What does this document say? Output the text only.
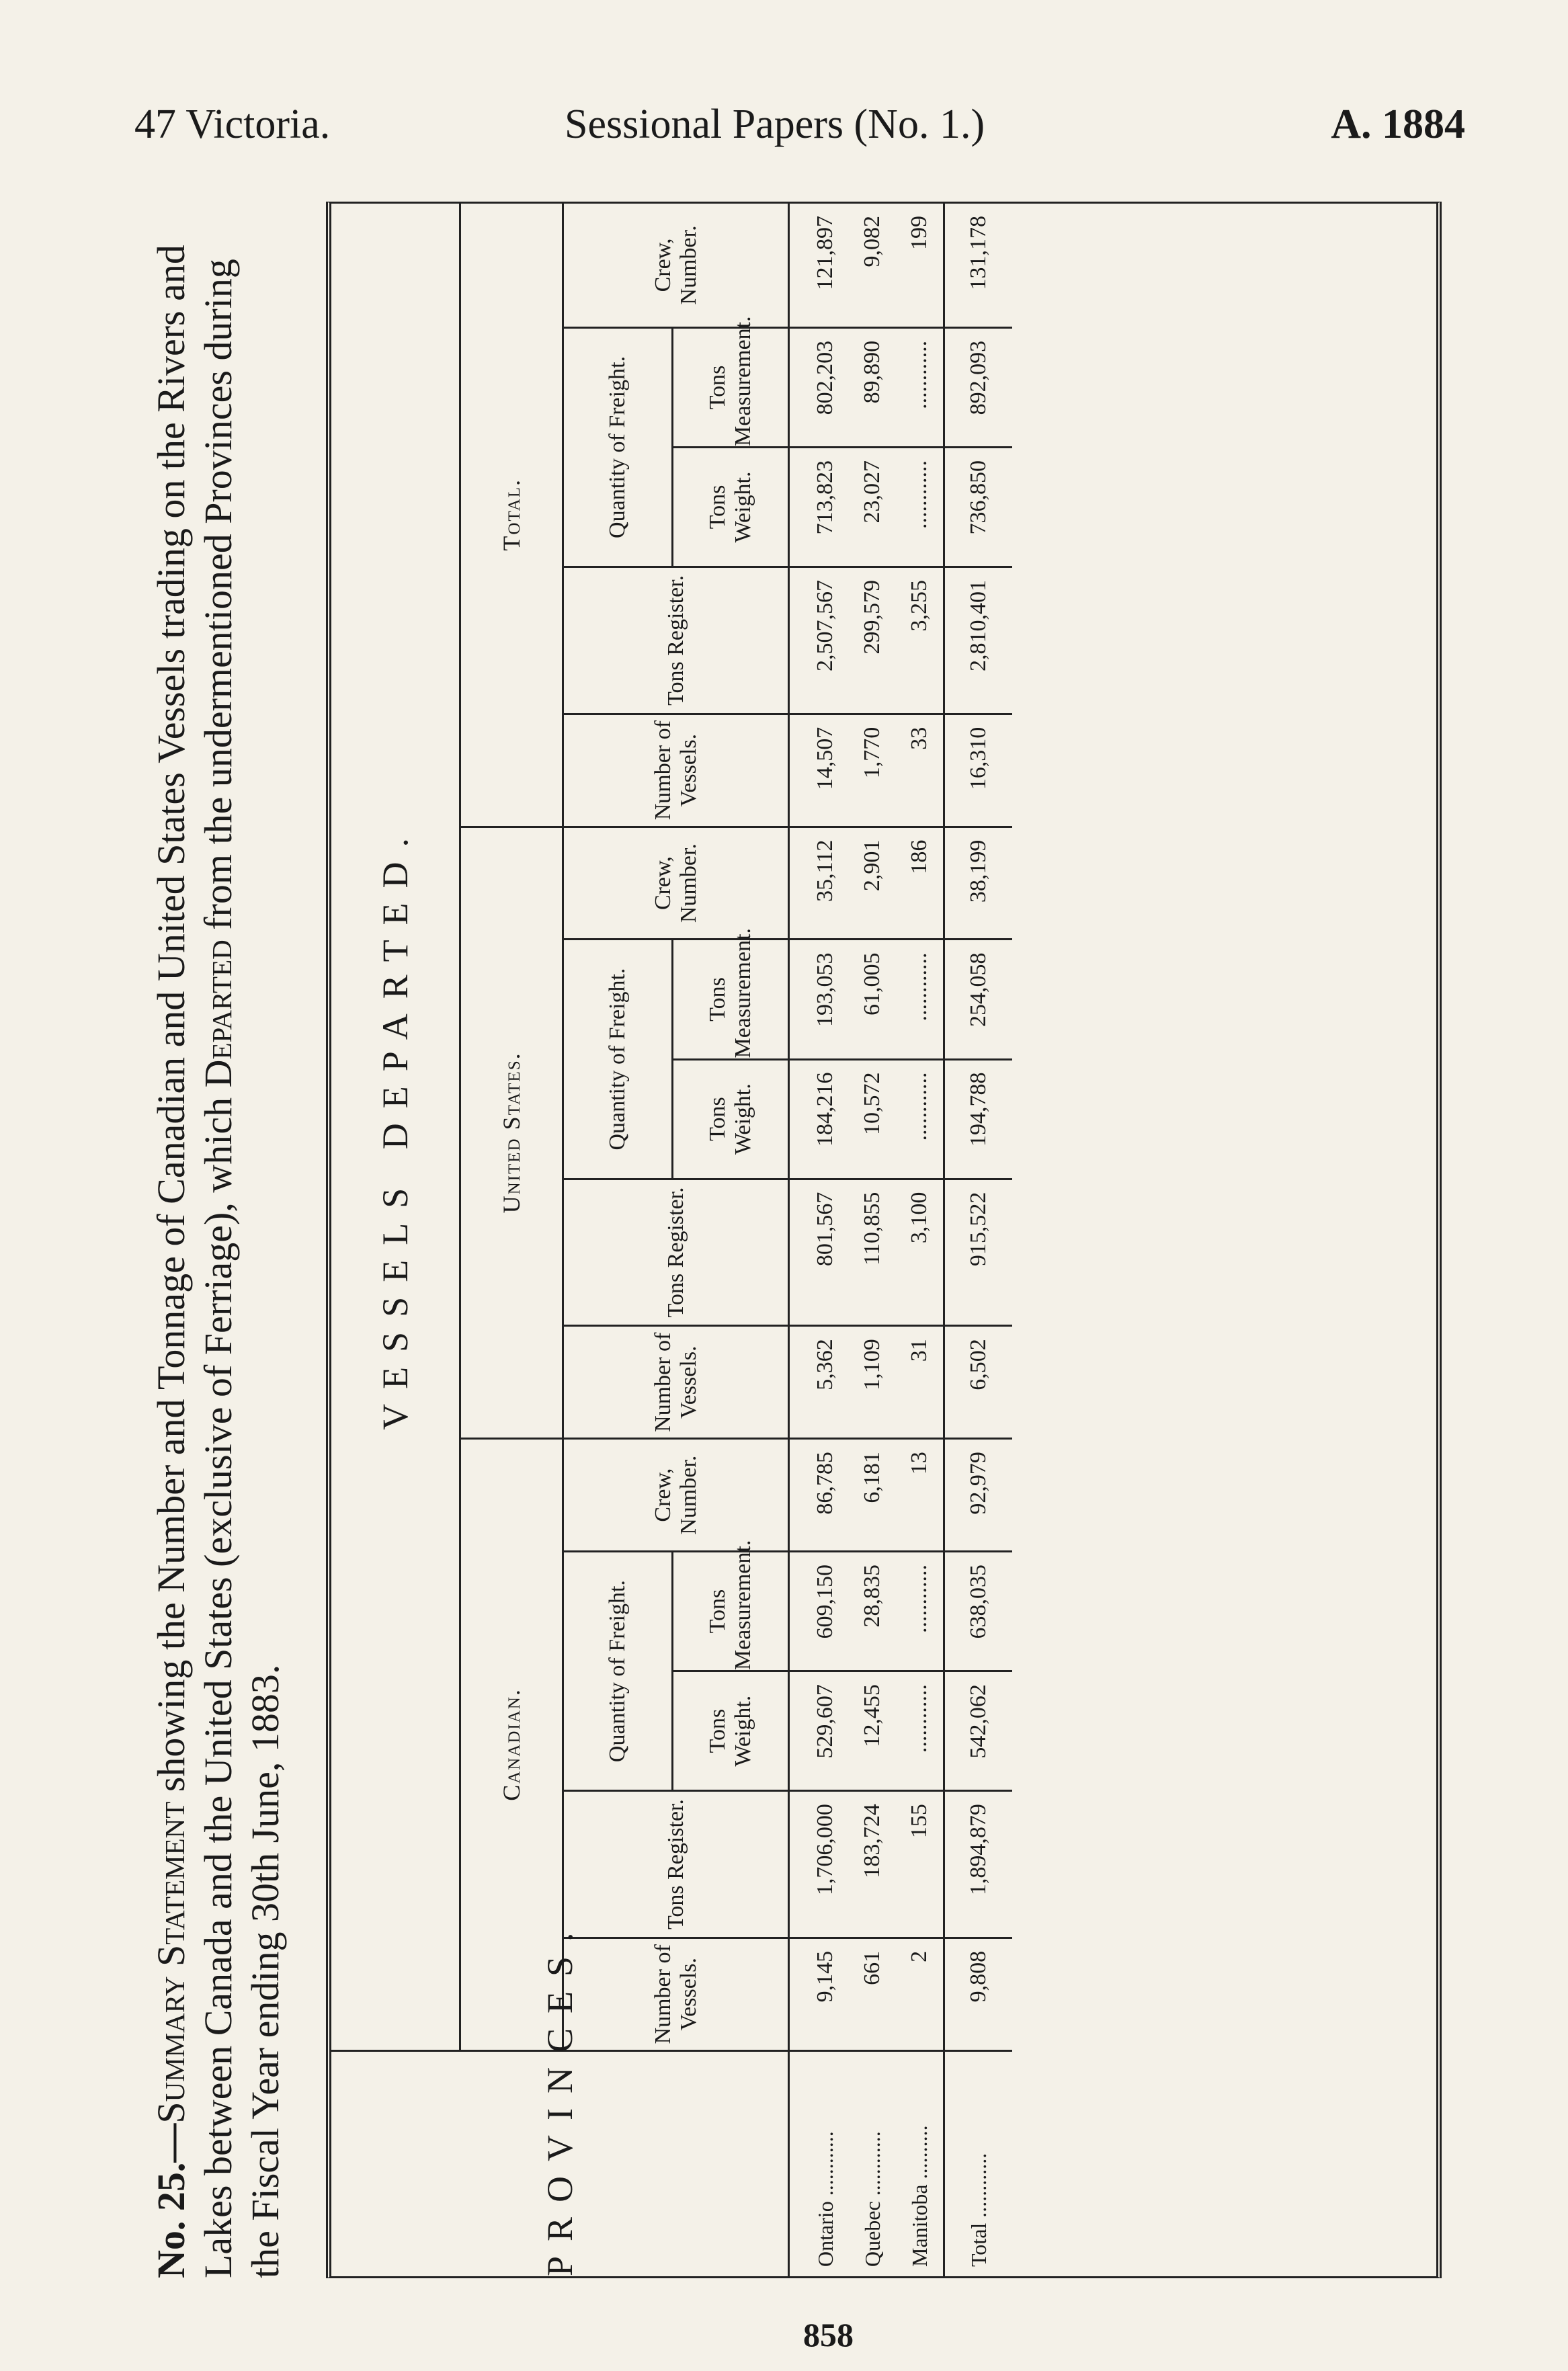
47 Victoria.	Sessional Papers (No. 1.)	A. 1884
No. 25.—Summary Statement showing the Number and Tonnage of Canadian and United States Vessels trading on the Rivers and Lakes between Canada and the United States (exclusive of Ferriage), which Departed from the undermentioned Provinces during the Fiscal Year ending 30th June, 1883.	PROVINCES.	VESSELS DEPARTED.														
	Canadian.					United States.					Total.				
	Number of Vessels.	Tons Register.	Quantity of Freight.		Crew, Number.	Number of Vessels.	Tons Register.	Quantity of Freight.		Crew, Number.	Number of Vessels.	Tons Register.	Quantity of Freight.		Crew, Number.
			Tons Weight.	Tons Measurement.				Tons Weight.	Tons Measurement.				Tons Weight.	Tons Measurement.	
Ontario ............	9,145	1,706,000	529,607	609,150	86,785	5,362	801,567	184,216	193,053	35,112	14,507	2,507,567	713,823	802,203	121,897
Quebec ............	661	183,724	12,455	28,835	6,181	1,109	110,855	10,572	61,005	2,901	1,770	299,579	23,027	89,890	9,082
Manitoba ..........	2	155	............	............	13	31	3,100	............	............	186	33	3,255	............	............	199
Total ............	9,808	1,894,879	542,062	638,035	92,979	6,502	915,522	194,788	254,058	38,199	16,310	2,810,401	736,850	892,093	131,178
858
